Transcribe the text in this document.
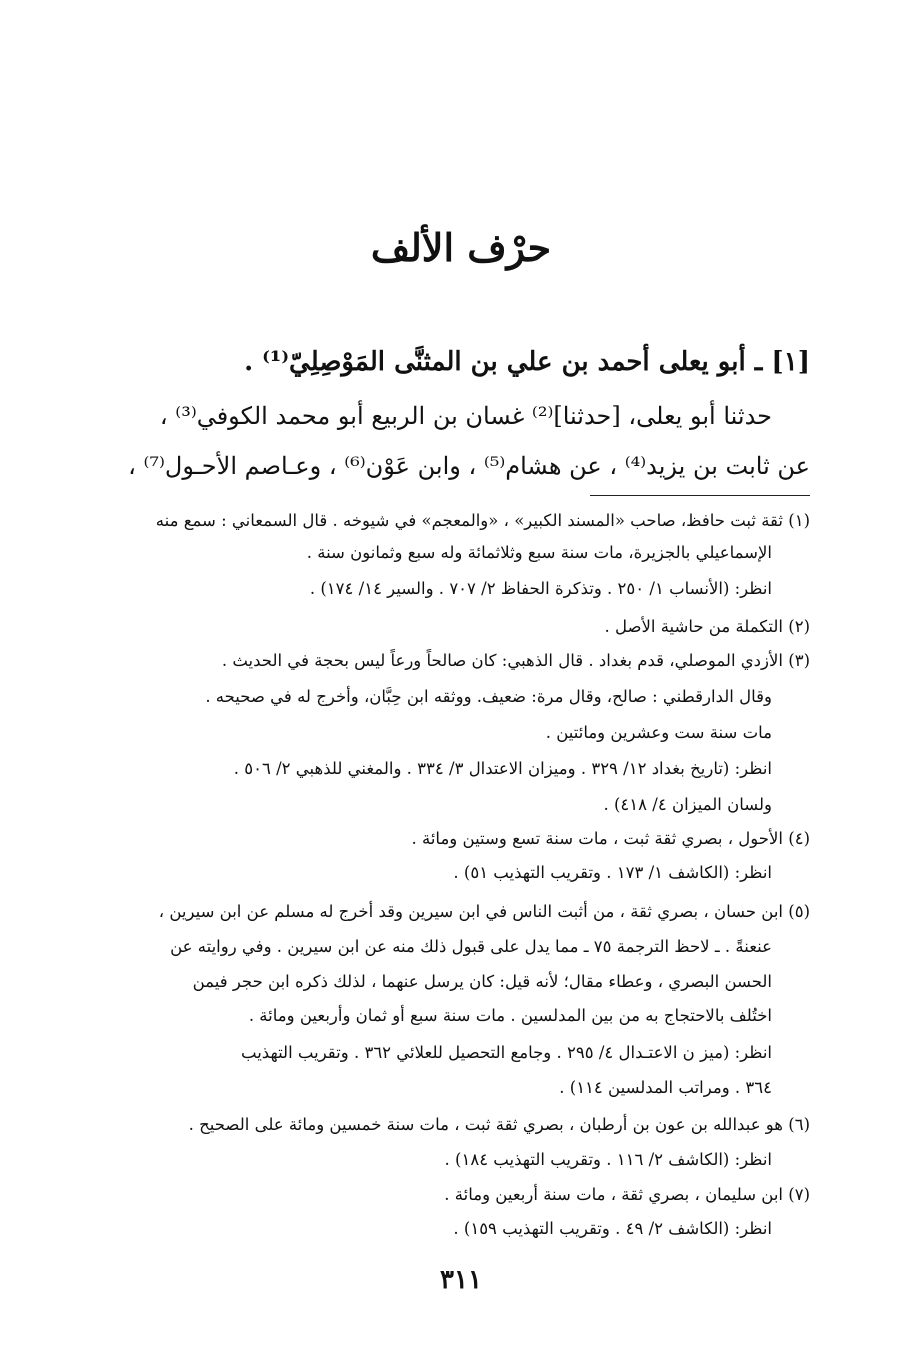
حرْف الألف
[١] ـ أبو يعلى أحمد بن علي بن المثنَّى المَوْصِلِيّ⁽¹⁾ .
حدثنا أبو يعلى، [حدثنا]⁽²⁾ غسان بن الربيع أبو محمد الكوفي⁽³⁾ ،
عن ثابت بن يزيد⁽⁴⁾ ، عن هشام⁽⁵⁾ ، وابن عَوْن⁽⁶⁾ ، وعـاصم الأحـول⁽⁷⁾ ،
(١) ثقة ثبت حافظ، صاحب «المسند الكبير» ، «والمعجم» في شيوخه . قال السمعاني : سمع منه
الإسماعيلي بالجزيرة، مات سنة سبع وثلاثمائة وله سبع وثمانون سنة .
انظر: (الأنساب ١/ ٢٥٠ . وتذكرة الحفاظ ٢/ ٧٠٧ . والسير ١٤/ ١٧٤) .
(٢) التكملة من حاشية الأصل .
(٣) الأزدي الموصلي، قدم بغداد . قال الذهبي: كان صالحاً ورعاً ليس بحجة في الحديث .
وقال الدارقطني : صالح، وقال مرة: ضعيف. ووثقه ابن حِبَّان، وأخرج له في صحيحه .
مات سنة ست وعشرين ومائتين .
انظر: (تاريخ بغداد ١٢/ ٣٢٩ . وميزان الاعتدال ٣/ ٣٣٤ . والمغني للذهبي ٢/ ٥٠٦ .
ولسان الميزان ٤/ ٤١٨) .
(٤) الأحول ، بصري ثقة ثبت ، مات سنة تسع وستين ومائة .
انظر: (الكاشف ١/ ١٧٣ . وتقريب التهذيب ٥١) .
(٥) ابن حسان ، بصري ثقة ، من أثبت الناس في ابن سيرين وقد أخرج له مسلم عن ابن سيرين ،
عنعنةً . ـ لاحظ الترجمة ٧٥ ـ مما يدل على قبول ذلك منه عن ابن سيرين . وفي روايته عن
الحسن البصري ، وعطاء مقال؛ لأنه قيل: كان يرسل عنهما ، لذلك ذكره ابن حجر فيمن
اختُلف بالاحتجاج به من بين المدلسين . مات سنة سبع أو ثمان وأربعين ومائة .
انظر: (ميز ن الاعتـدال ٤/ ٢٩٥ . وجامع التحصيل للعلائي ٣٦٢ . وتقريب التهذيب
٣٦٤ . ومراتب المدلسين ١١٤) .
(٦) هو عبدالله بن عون بن أرطبان ، بصري ثقة ثبت ، مات سنة خمسين ومائة على الصحيح .
انظر: (الكاشف ٢/ ١١٦ . وتقريب التهذيب ١٨٤) .
(٧) ابن سليمان ، بصري ثقة ، مات سنة أربعين ومائة .
انظر: (الكاشف ٢/ ٤٩ . وتقريب التهذيب ١٥٩) .
٣١١
